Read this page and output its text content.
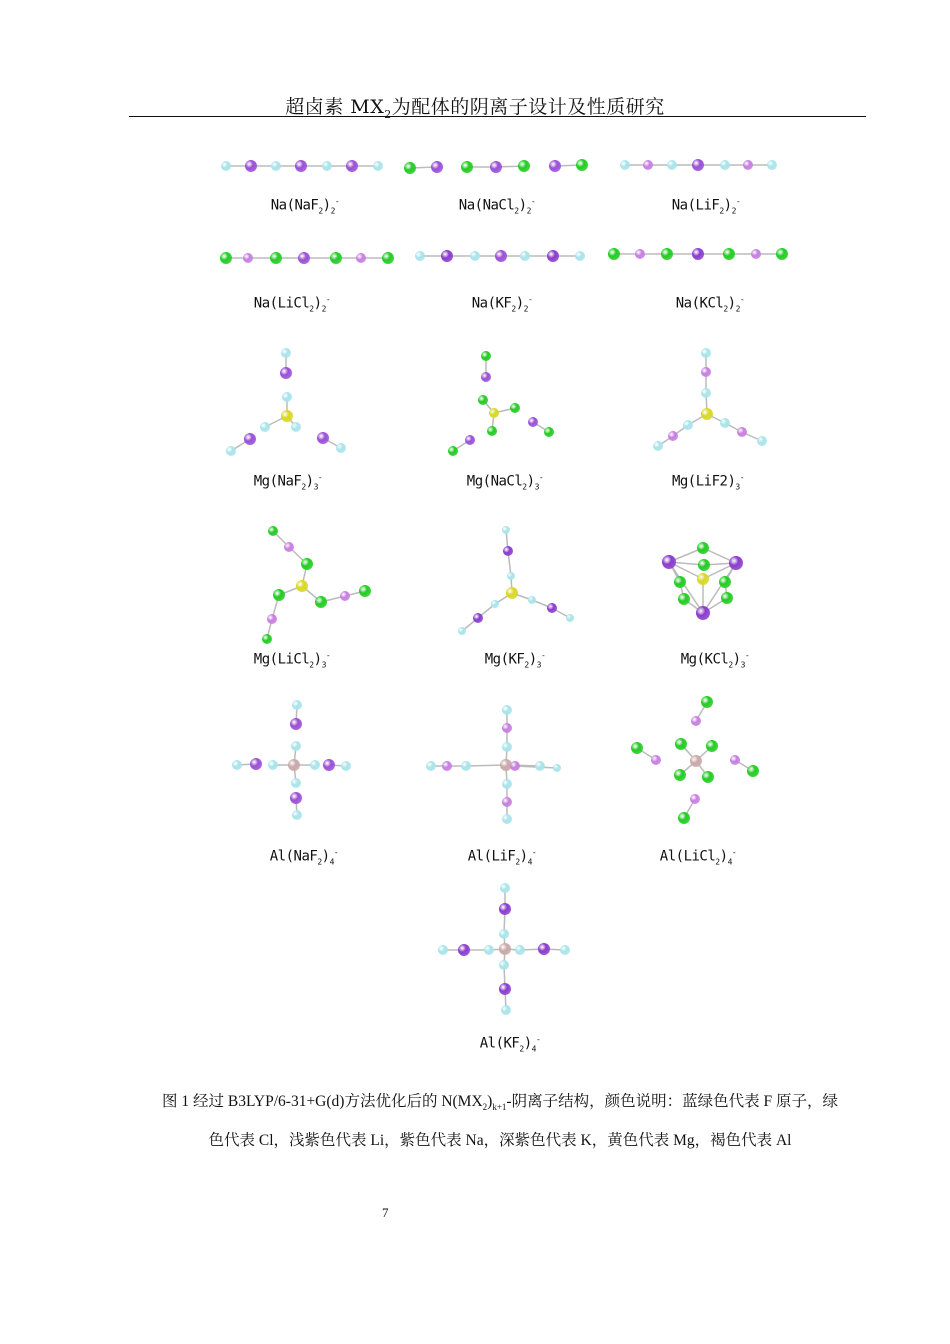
超卤素 $MX_2$为配体的阴离子设计及性质研究
$Na(NaF_2)_2^-$	$Na(NaCl_2)_2^-$	$Na(LiF_2)_2^-$
$Na(LiCl_2)_2^-$	$Na(KF_2)_2^-$	$Na(KCl_2)_2^-$
$Mg(NaF_2)_3^-$	$Mg(NaCl_2)_3^-$	$Mg(LiF2)_3^-$
$Mg(LiCl_2)_3^-$	$Mg(KF_2)_3^-$	$Mg(KCl_2)_3^-$
$Al(NaF_2)_4^-$	$Al(LiF_2)_4^-$	$Al(LiCl_2)_4^-$
$Al(KF_2)_4^-$
图 1 经过 B3LYP/6-31+G(d)方法优化后的 $N(MX_2)_{k+1}-$阴离子结构，颜色说明：蓝绿色代表 F 原子，绿
色代表 Cl，浅紫色代表 Li，紫色代表 Na，深紫色代表 K，黄色代表 Mg，褐色代表 Al
7
